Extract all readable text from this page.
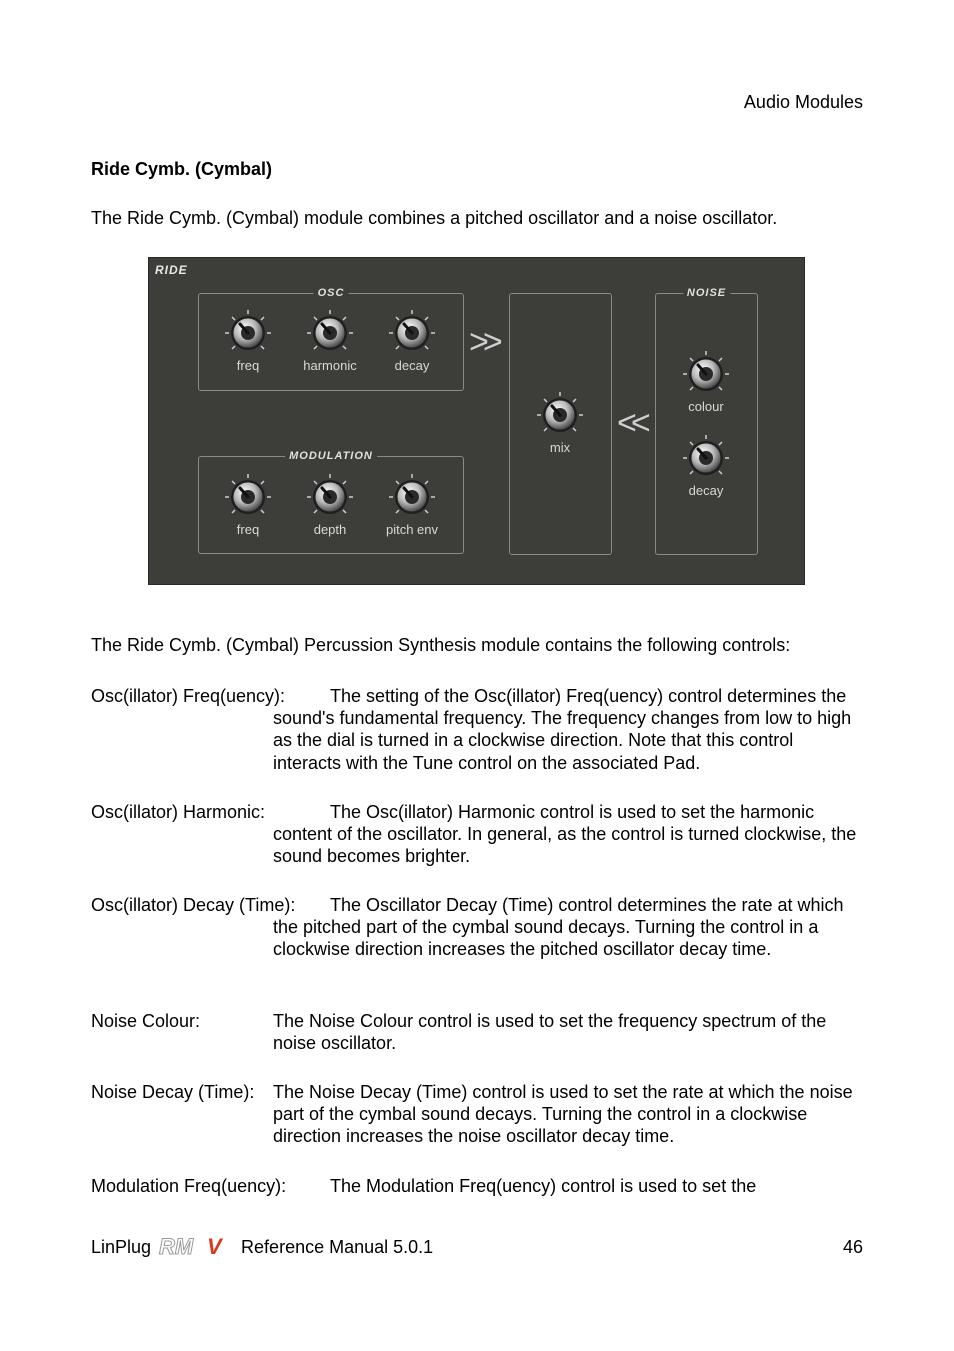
Audio Modules
Ride Cymb. (Cymbal)
The Ride Cymb. (Cymbal) module combines a pitched oscillator and a noise oscillator.
RIDE
OSC
freq	harmonic	decay
>>
MODULATION
freq	depth	pitch env
mix
<<
NOISE
colour
decay
The Ride Cymb. (Cymbal) Percussion Synthesis module contains the following controls:
Osc(illator) Freq(uency):	The setting of the Osc(illator) Freq(uency) control determines the sound's fundamental frequency. The frequency changes from low to high as the dial is turned in a clockwise direction. Note that this control interacts with the Tune control on the associated Pad.
Osc(illator) Harmonic:	The Osc(illator) Harmonic control is used to set the harmonic content of the oscillator. In general, as the control is turned clockwise, the sound becomes brighter.
Osc(illator) Decay (Time):	The Oscillator Decay (Time) control determines the rate at which the pitched part of the cymbal sound decays. Turning the control in a clockwise direction increases the pitched oscillator decay time.
Noise Colour:	The Noise Colour control is used to set the frequency spectrum of the noise oscillator.
Noise Decay (Time): The Noise Decay (Time) control is used to set the rate at which the noise part of the cymbal sound decays. Turning the control in a clockwise direction increases the noise oscillator decay time.
Modulation Freq(uency):	The Modulation Freq(uency) control is used to set the
LinPlug RM V Reference Manual 5.0.1	46
